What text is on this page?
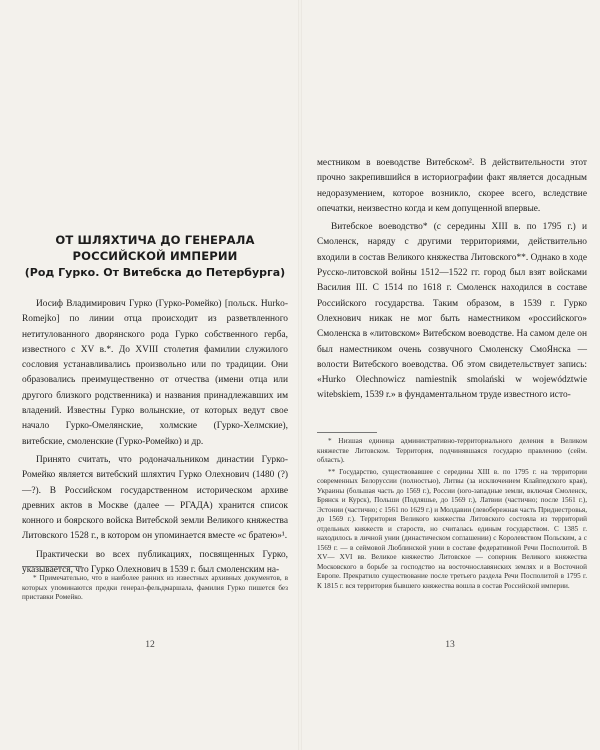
ОТ ШЛЯХТИЧА ДО ГЕНЕРАЛА
РОССИЙСКОЙ ИМПЕРИИ
(Род Гурко. От Витебска до Петербурга)

Иосиф Владимирович Гурко (Гурко-Ромейко) [польск. Hurko-Romejko] по линии отца происходит из разветвленного нетитулованного дворянского рода Гурко собственного герба, известного с XV в.*. До XVIII столетия фамилии служилого сословия устанавливались произвольно или по традиции. Они образовались преимущественно от отчества (имени отца или другого близкого родственника) и названия принадлежавших им владений. Известны Гурко волынские, от которых ведут свое начало Гурко-Омелянские, холмские (Гурко-Хелмские), витебские, смоленские (Гурко-Ромейко) и др.

Принято считать, что родоначальником династии Гурко-Ромейко является витебский шляхтич Гурко Олехнович (1480 (?) —?). В Российском государственном историческом архиве древних актов в Москве (далее — РГАДА) хранится список конного и боярского войска Витебской земли Великого княжества Литовского 1528 г., в котором он упоминается вместе «с братею»¹.

Практически во всех публикациях, посвященных Гурко, указывается, что Гурко Олехнович в 1539 г. был смоленским на-

* Примечательно, что в наиболее ранних из известных архивных документов, в которых упоминаются предки генерал-фельдмаршала, фамилия Гурко пишется без приставки Ромейко.

12

местником в воеводстве Витебском². В действительности этот прочно закрепившийся в историографии факт является досадным недоразумением, которое возникло, скорее всего, вследствие опечатки, неизвестно когда и кем допущенной впервые.

Витебское воеводство* (с середины XIII в. по 1795 г.) и Смоленск, наряду с другими территориями, действительно входили в состав Великого княжества Литовского**. Однако в ходе Русско-литовской войны 1512—1522 гг. город был взят войсками Василия III. С 1514 по 1618 г. Смоленск находился в составе Российского государства. Таким образом, в 1539 г. Гурко Олехнович никак не мог быть наместником «российского» Смоленска в «литовском» Витебском воеводстве. На самом деле он был наместником очень созвучного Смоленску СмоЯнска — волости Витебского воеводства. Об этом свидетельствует запись: «Hurko Olechnowicz namiestnik smolański w województwie witebskiem, 1539 r.» в фундаментальном труде известного исто-

* Низшая единица административно-территориального деления в Великом княжестве Литовском. Территория, подчинявшаяся государю правлению (сейм. область).

** Государство, существовавшее с середины XIII в. по 1795 г. на территории современных Белоруссии (полностью), Литвы (за исключением Клайпедского края), Украины (большая часть до 1569 г.), России (юго-западные земли, включая Смоленск, Брянск и Курск), Польши (Подляшье, до 1569 г.), Латвии (частично; после 1561 г.), Эстонии (частично; с 1561 по 1629 г.) и Молдавии (левобережная часть Приднестровья, до 1569 г.). Территория Великого княжества Литовского состояла из территорий отдельных княжеств и староств, но считалась единым государством. С 1385 г. находилось в личной унии (династическом соглашении) с Королевством Польским, а с 1569 г. — в сеймовой Люблинской унии в составе федеративной Речи Посполитой. В XV— XVI вв. Великое княжество Литовское — соперник Великого княжества Московского в борьбе за господство на восточнославянских землях и в Восточной Европе. Прекратило существование после третьего раздела Речи Посполитой в 1795 г. К 1815 г. вся территория бывшего княжества вошла в состав Российской империи.

13
